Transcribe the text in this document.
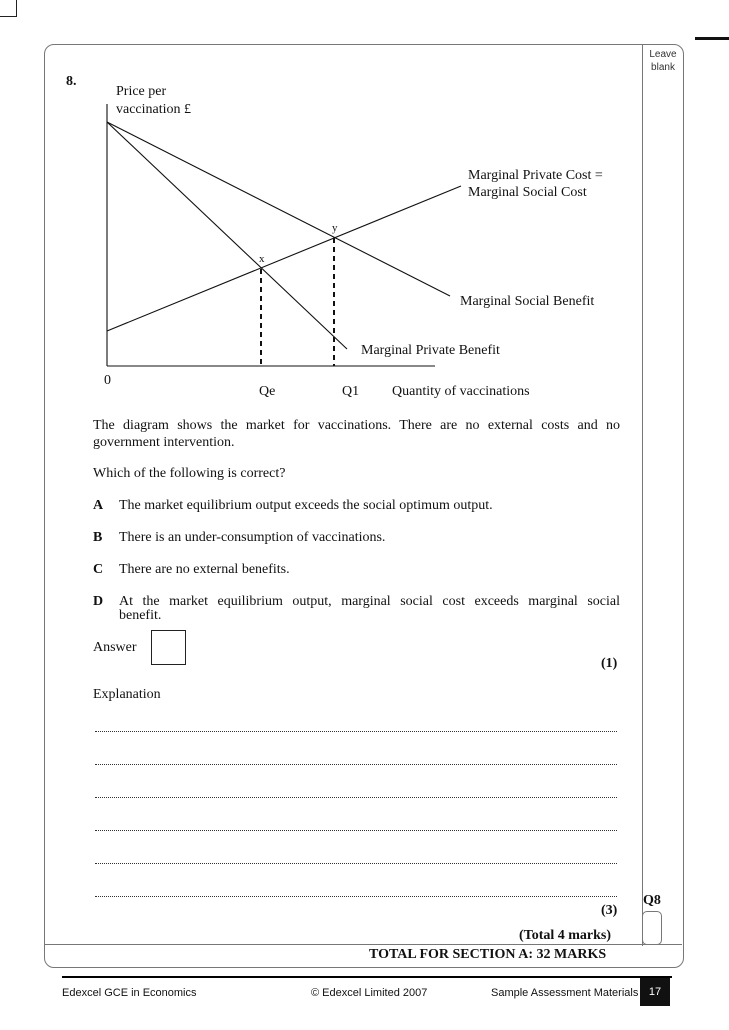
Leave
blank
8.
Price per
vaccination £
Marginal Private Cost =
Marginal Social Cost
Marginal Social Benefit
Marginal Private Benefit
x
y
0
Qe	Q1 Quantity of vaccinations
The diagram shows the market for vaccinations. There are no external costs and no
government intervention.
Which of the following is correct?
A The market equilibrium output exceeds the social optimum output.
B There is an under-consumption of vaccinations.
C There are no external benefits.
D At the market equilibrium output, marginal social cost exceeds marginal social
benefit.
Answer
(1)
Explanation
(3)
Q8
(Total 4 marks)
TOTAL FOR SECTION A: 32 MARKS
Edexcel GCE in Economics	© Edexcel Limited 2007	Sample Assessment Materials 17
